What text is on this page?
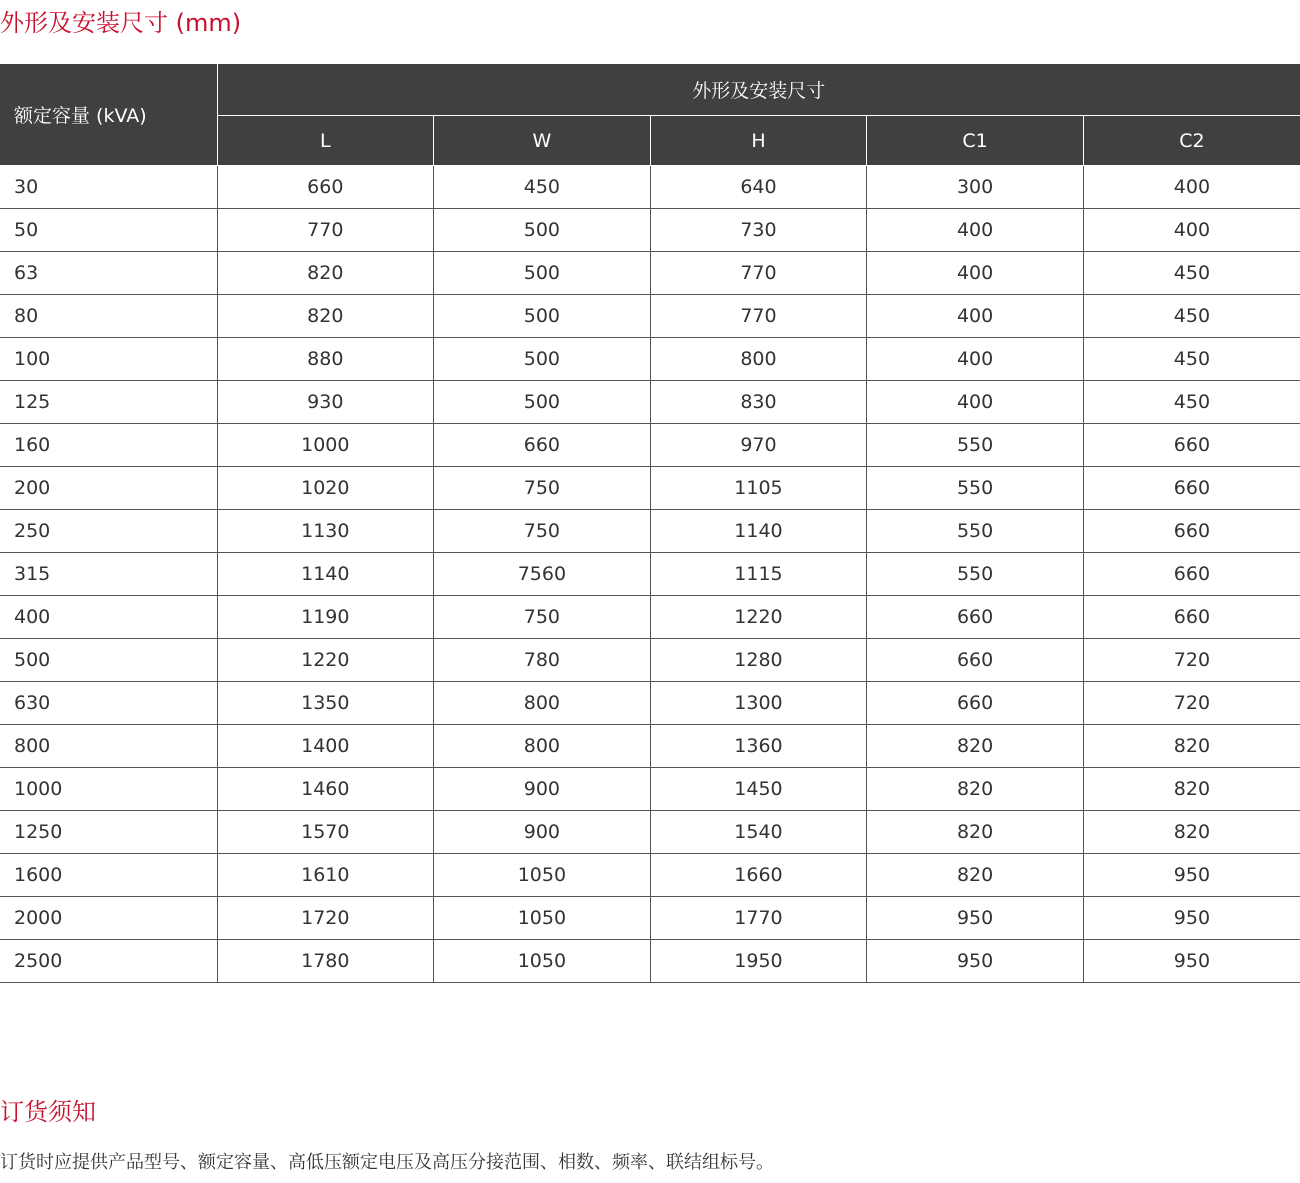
外形及安装尺寸 (mm)
额定容量 (kVA)	外形及安装尺寸				
	L	W	H	C1	C2
30	660	450	640	300	400
50	770	500	730	400	400
63	820	500	770	400	450
80	820	500	770	400	450
100	880	500	800	400	450
125	930	500	830	400	450
160	1000	660	970	550	660
200	1020	750	1105	550	660
250	1130	750	1140	550	660
315	1140	7560	1115	550	660
400	1190	750	1220	660	660
500	1220	780	1280	660	720
630	1350	800	1300	660	720
800	1400	800	1360	820	820
1000	1460	900	1450	820	820
1250	1570	900	1540	820	820
1600	1610	1050	1660	820	950
2000	1720	1050	1770	950	950
2500	1780	1050	1950	950	950
订货须知

订货时应提供产品型号、额定容量、高低压额定电压及高压分接范围、相数、频率、联结组标号。
